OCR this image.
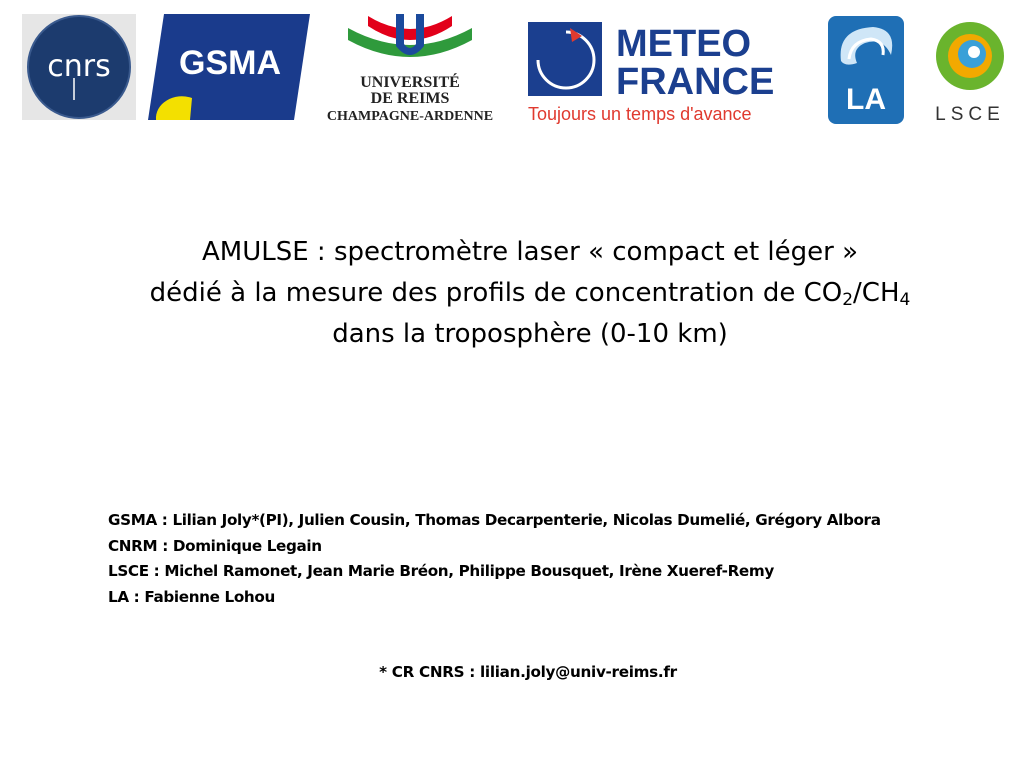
cnrs GSMA
UNIVERSITÉ
DE REIMS
CHAMPAGNE-ARDENNE
METEO
FRANCE
Toujours un temps d'avance	LA	LSCE
AMULSE : spectromètre laser « compact et léger »
dédié à la mesure des profils de concentration de $CO_2/CH_4$
dans la troposphère (0-10 km)
GSMA : Lilian Joly*(PI), Julien Cousin, Thomas Decarpenterie, Nicolas Dumelié, Grégory Albora
CNRM : Dominique Legain
LSCE : Michel Ramonet, Jean Marie Bréon, Philippe Bousquet, Irène Xueref-Remy
LA : Fabienne Lohou
* CR CNRS : lilian.joly@univ-reims.fr
